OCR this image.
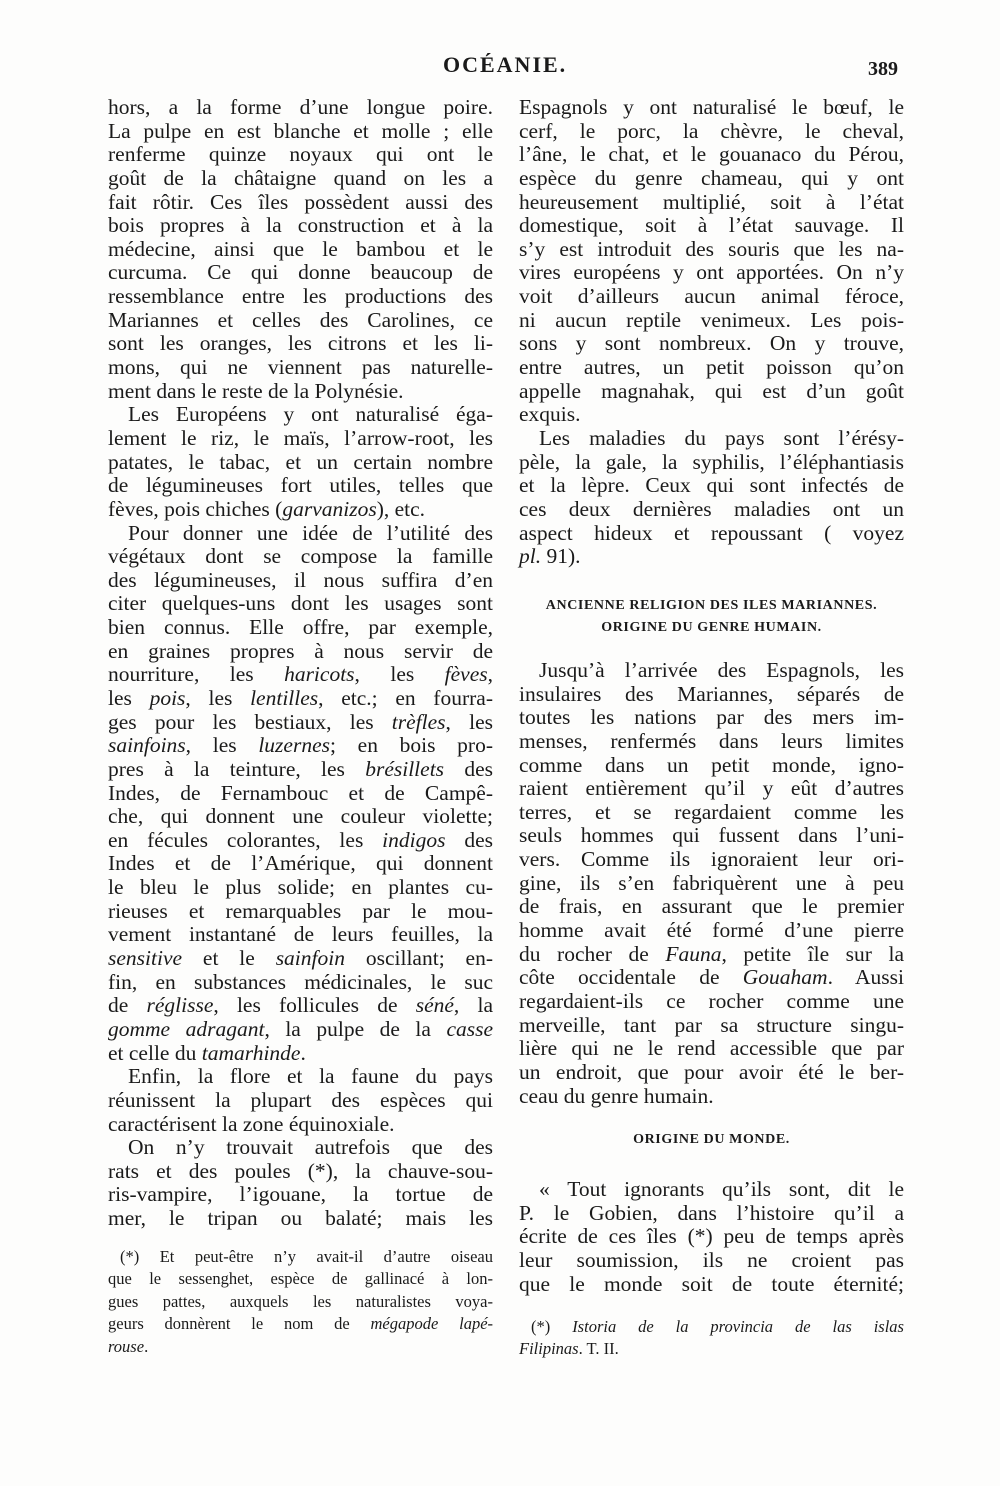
OCÉANIE.	389
hors, a la forme d’une longue poire.
La pulpe en est blanche et molle ; elle
renferme quinze noyaux qui ont le
goût de la châtaigne quand on les a
fait rôtir. Ces îles possèdent aussi des
bois propres à la construction et à la
médecine, ainsi que le bambou et le
curcuma. Ce qui donne beaucoup de
ressemblance entre les productions des
Mariannes et celles des Carolines, ce
sont les oranges, les citrons et les li-
mons, qui ne viennent pas naturelle-
ment dans le reste de la Polynésie.
Les Européens y ont naturalisé éga-
lement le riz, le maïs, l’arrow-root, les
patates, le tabac, et un certain nombre
de légumineuses fort utiles, telles que
fèves, pois chiches (garvanizos), etc.
Pour donner une idée de l’utilité des
végétaux dont se compose la famille
des légumineuses, il nous suffira d’en
citer quelques-uns dont les usages sont
bien connus. Elle offre, par exemple,
en graines propres à nous servir de
nourriture, les haricots, les fèves,
les pois, les lentilles, etc.; en fourra-
ges pour les bestiaux, les trèfles, les
sainfoins, les luzernes; en bois pro-
pres à la teinture, les brésillets des
Indes, de Fernambouc et de Campê-
che, qui donnent une couleur violette;
en fécules colorantes, les indigos des
Indes et de l’Amérique, qui donnent
le bleu le plus solide; en plantes cu-
rieuses et remarquables par le mou-
vement instantané de leurs feuilles, la
sensitive et le sainfoin oscillant; en-
fin, en substances médicinales, le suc
de réglisse, les follicules de séné, la
gomme adragant, la pulpe de la casse
et celle du tamarhinde.
Enfin, la flore et la faune du pays
réunissent la plupart des espèces qui
caractérisent la zone équinoxiale.
On n’y trouvait autrefois que des
rats et des poules (*), la chauve-sou-
ris-vampire, l’igouane, la tortue de
mer, le tripan ou balaté; mais les
(*) Et peut-être n’y avait-il d’autre oiseau
que le sessenghet, espèce de gallinacé à lon-
gues pattes, auxquels les naturalistes voya-
geurs donnèrent le nom de mégapode lapé-
rouse.
Espagnols y ont naturalisé le bœuf, le
cerf, le porc, la chèvre, le cheval,
l’âne, le chat, et le gouanaco du Pérou,
espèce du genre chameau, qui y ont
heureusement multiplié, soit à l’état
domestique, soit à l’état sauvage. Il
s’y est introduit des souris que les na-
vires européens y ont apportées. On n’y
voit d’ailleurs aucun animal féroce,
ni aucun reptile venimeux. Les pois-
sons y sont nombreux. On y trouve,
entre autres, un petit poisson qu’on
appelle magnahak, qui est d’un goût
exquis.
Les maladies du pays sont l’érésy-
pèle, la gale, la syphilis, l’éléphantiasis
et la lèpre. Ceux qui sont infectés de
ces deux dernières maladies ont un
aspect hideux et repoussant ( voyez
pl. 91).
ANCIENNE RELIGION DES ILES MARIANNES.
ORIGINE DU GENRE HUMAIN.
Jusqu’à l’arrivée des Espagnols, les
insulaires des Mariannes, séparés de
toutes les nations par des mers im-
menses, renfermés dans leurs limites
comme dans un petit monde, igno-
raient entièrement qu’il y eût d’autres
terres, et se regardaient comme les
seuls hommes qui fussent dans l’uni-
vers. Comme ils ignoraient leur ori-
gine, ils s’en fabriquèrent une à peu
de frais, en assurant que le premier
homme avait été formé d’une pierre
du rocher de Fauna, petite île sur la
côte occidentale de Gouaham. Aussi
regardaient-ils ce rocher comme une
merveille, tant par sa structure singu-
lière qui ne le rend accessible que par
un endroit, que pour avoir été le ber-
ceau du genre humain.
ORIGINE DU MONDE.
« Tout ignorants qu’ils sont, dit le
P. le Gobien, dans l’histoire qu’il a
écrite de ces îles (*) peu de temps après
leur soumission, ils ne croient pas
que le monde soit de toute éternité;
(*) Istoria de la provincia de las islas
Filipinas. T. II.
